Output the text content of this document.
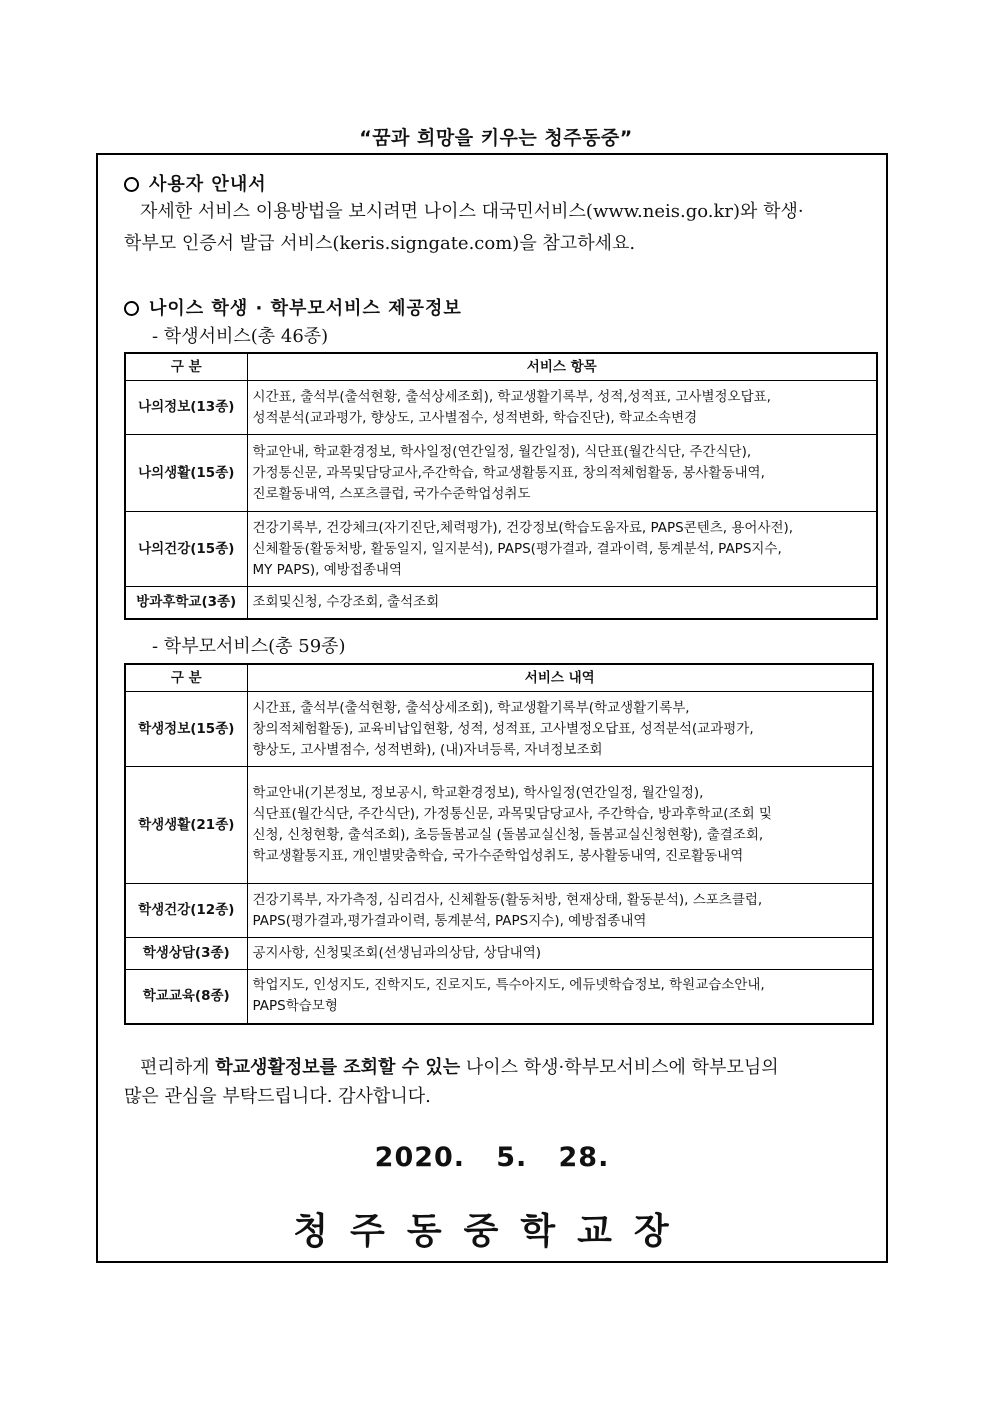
“꿈과 희망을 키우는 청주동중”
사용자 안내서
자세한 서비스 이용방법을 보시려면 나이스 대국민서비스(www.neis.go.kr)와 학생·
학부모 인증서 발급 서비스(keris.signgate.com)을 참고하세요.
나이스 학생 · 학부모서비스 제공정보
- 학생서비스(총 46종)
구 분	서비스 항목
나의정보(13종)	시간표, 출석부(출석현황, 출석상세조회), 학교생활기록부, 성적,성적표, 고사별정오답표,
성적분석(교과평가, 향상도, 고사별점수, 성적변화, 학습진단), 학교소속변경
나의생활(15종)	학교안내, 학교환경정보, 학사일정(연간일정, 월간일정), 식단표(월간식단, 주간식단),
가정통신문, 과목및담당교사,주간학습, 학교생활통지표, 창의적체험활동, 봉사활동내역,
진로활동내역, 스포츠클럽, 국가수준학업성취도
나의건강(15종)	건강기록부, 건강체크(자기진단,체력평가), 건강정보(학습도움자료, PAPS콘텐츠, 용어사전),
신체활동(활동처방, 활동일지, 일지분석), PAPS(평가결과, 결과이력, 통계분석, PAPS지수,
MY PAPS), 예방접종내역
방과후학교(3종)	조회및신청, 수강조회, 출석조회
- 학부모서비스(총 59종)
구 분	서비스 내역
학생정보(15종)	시간표, 출석부(출석현황, 출석상세조회), 학교생활기록부(학교생활기록부,
창의적체험활동), 교육비납입현황, 성적, 성적표, 고사별정오답표, 성적분석(교과평가,
향상도, 고사별점수, 성적변화), (내)자녀등록, 자녀정보조회
학생생활(21종)	학교안내(기본정보, 정보공시, 학교환경정보), 학사일정(연간일정, 월간일정),
식단표(월간식단, 주간식단), 가정통신문, 과목및담당교사, 주간학습, 방과후학교(조회 및
신청, 신청현황, 출석조회), 초등돌봄교실 (돌봄교실신청, 돌봄교실신청현황), 출결조회,
학교생활통지표, 개인별맞춤학습, 국가수준학업성취도, 봉사활동내역, 진로활동내역
학생건강(12종)	건강기록부, 자가측정, 심리검사, 신체활동(활동처방, 현재상태, 활동분석), 스포츠클럽,
PAPS(평가결과,평가결과이력, 통계분석, PAPS지수), 예방접종내역
학생상담(3종)	공지사항, 신청및조회(선생님과의상담, 상담내역)
학교교육(8종)	학업지도, 인성지도, 진학지도, 진로지도, 특수아지도, 에듀넷학습정보, 학원교습소안내,
PAPS학습모형
편리하게 학교생활정보를 조회할 수 있는 나이스 학생·학부모서비스에 학부모님의
많은 관심을 부탁드립니다. 감사합니다.
2020.   5.   28.
청주동중학교장
